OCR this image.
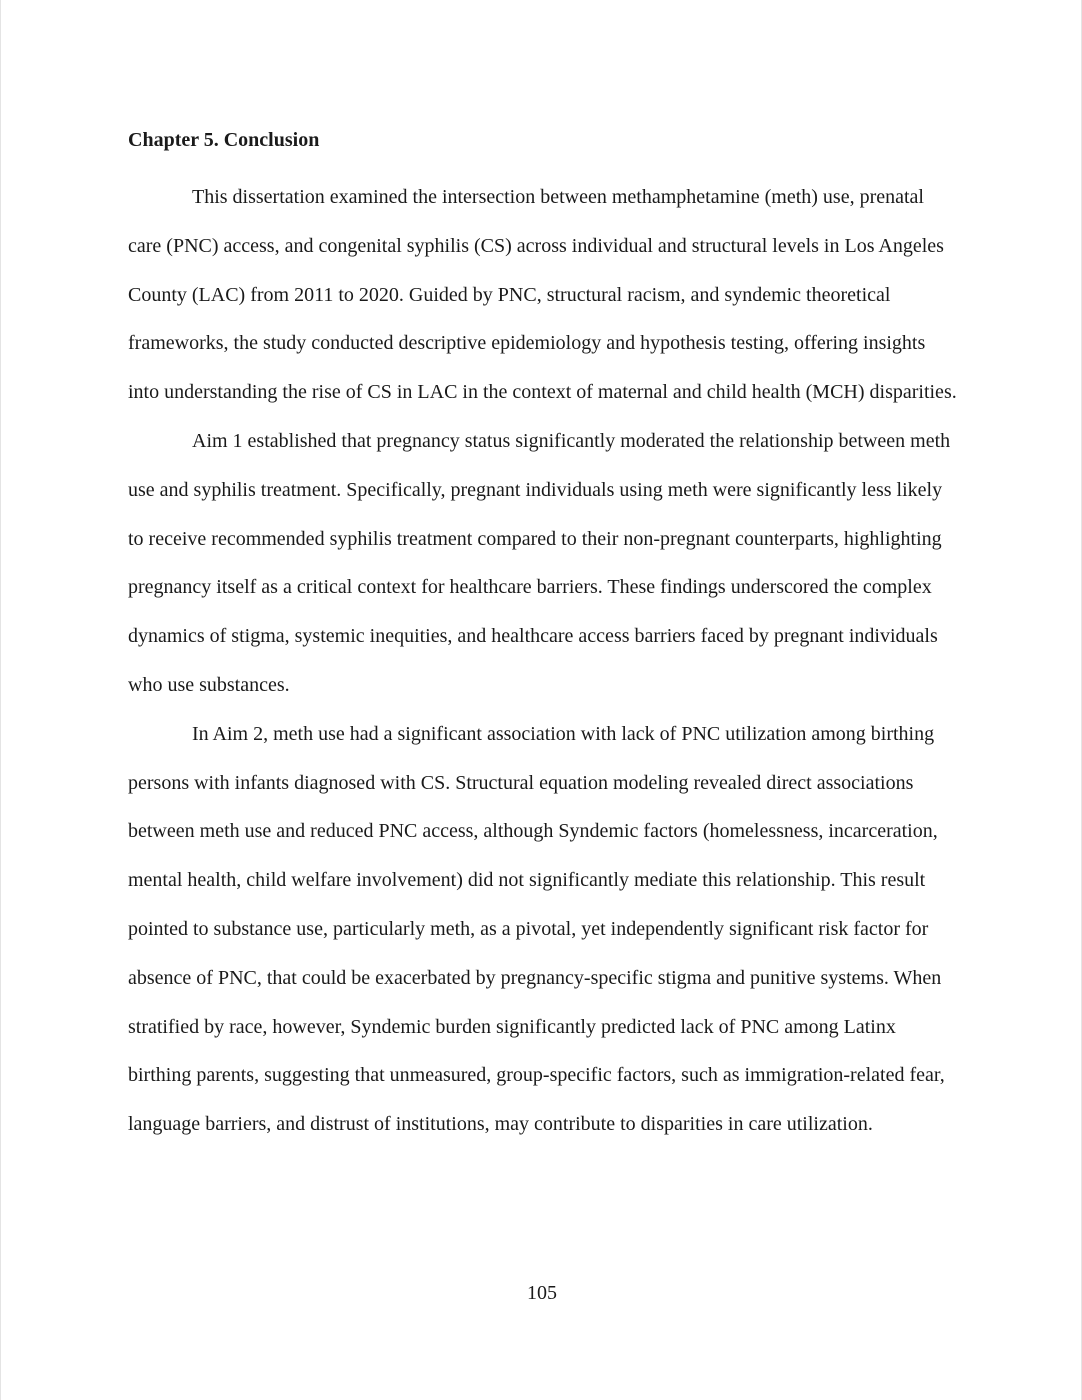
Chapter 5. Conclusion

This dissertation examined the intersection between methamphetamine (meth) use, prenatal care (PNC) access, and congenital syphilis (CS) across individual and structural levels in Los Angeles County (LAC) from 2011 to 2020. Guided by PNC, structural racism, and syndemic theoretical frameworks, the study conducted descriptive epidemiology and hypothesis testing, offering insights into understanding the rise of CS in LAC in the context of maternal and child health (MCH) disparities.

Aim 1 established that pregnancy status significantly moderated the relationship between meth use and syphilis treatment. Specifically, pregnant individuals using meth were significantly less likely to receive recommended syphilis treatment compared to their non-pregnant counterparts, highlighting pregnancy itself as a critical context for healthcare barriers. These findings underscored the complex dynamics of stigma, systemic inequities, and healthcare access barriers faced by pregnant individuals who use substances.

In Aim 2, meth use had a significant association with lack of PNC utilization among birthing persons with infants diagnosed with CS. Structural equation modeling revealed direct associations between meth use and reduced PNC access, although Syndemic factors (homelessness, incarceration, mental health, child welfare involvement) did not significantly mediate this relationship. This result pointed to substance use, particularly meth, as a pivotal, yet independently significant risk factor for absence of PNC, that could be exacerbated by pregnancy-specific stigma and punitive systems. When stratified by race, however, Syndemic burden significantly predicted lack of PNC among Latinx birthing parents, suggesting that unmeasured, group-specific factors, such as immigration-related fear, language barriers, and distrust of institutions, may contribute to disparities in care utilization.

105
